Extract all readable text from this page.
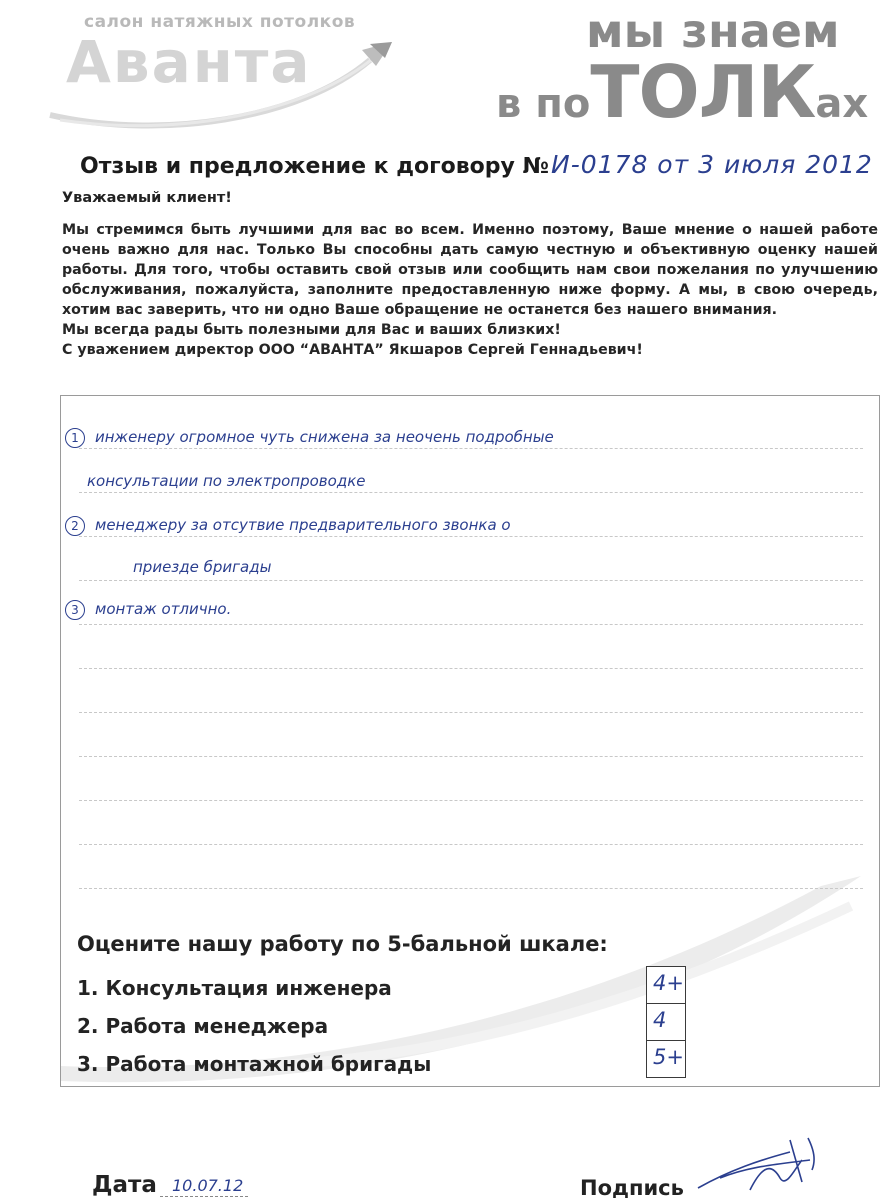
салон натяжных потолков
Аванта	мы знаем
в по ТОЛК ах
Отзыв и предложение к договору №И-0178 от 3 июля 2012
Уважаемый клиент!

Мы стремимся быть лучшими для вас во всем. Именно поэтому, Ваше мнение о нашей работе очень важно для нас. Только Вы способны дать самую честную и объективную оценку нашей работы. Для того, чтобы оставить свой отзыв или сообщить нам свои пожелания по улучшению обслуживания, пожалуйста, заполните предоставленную ниже форму. А мы, в свою очередь, хотим вас заверить, что ни одно Ваше обращение не останется без нашего внимания.

Мы всегда рады быть полезными для Вас и ваших близких!

С уважением директор ООО “АВАНТА” Якшаров Сергей Геннадьевич!

1 инженеру огромное чуть снижена за неочень подробные
консультации по электропроводке
2 менеджеру за отсутвие предварительного звонка о
приезде бригады
3 монтаж отлично.
Оцените нашу работу по 5-бальной шкале:
1. Консультация инженера	4+
2. Работа менеджера	4
3. Работа монтажной бригады	5+
Дата 10.07.12	Подпись
